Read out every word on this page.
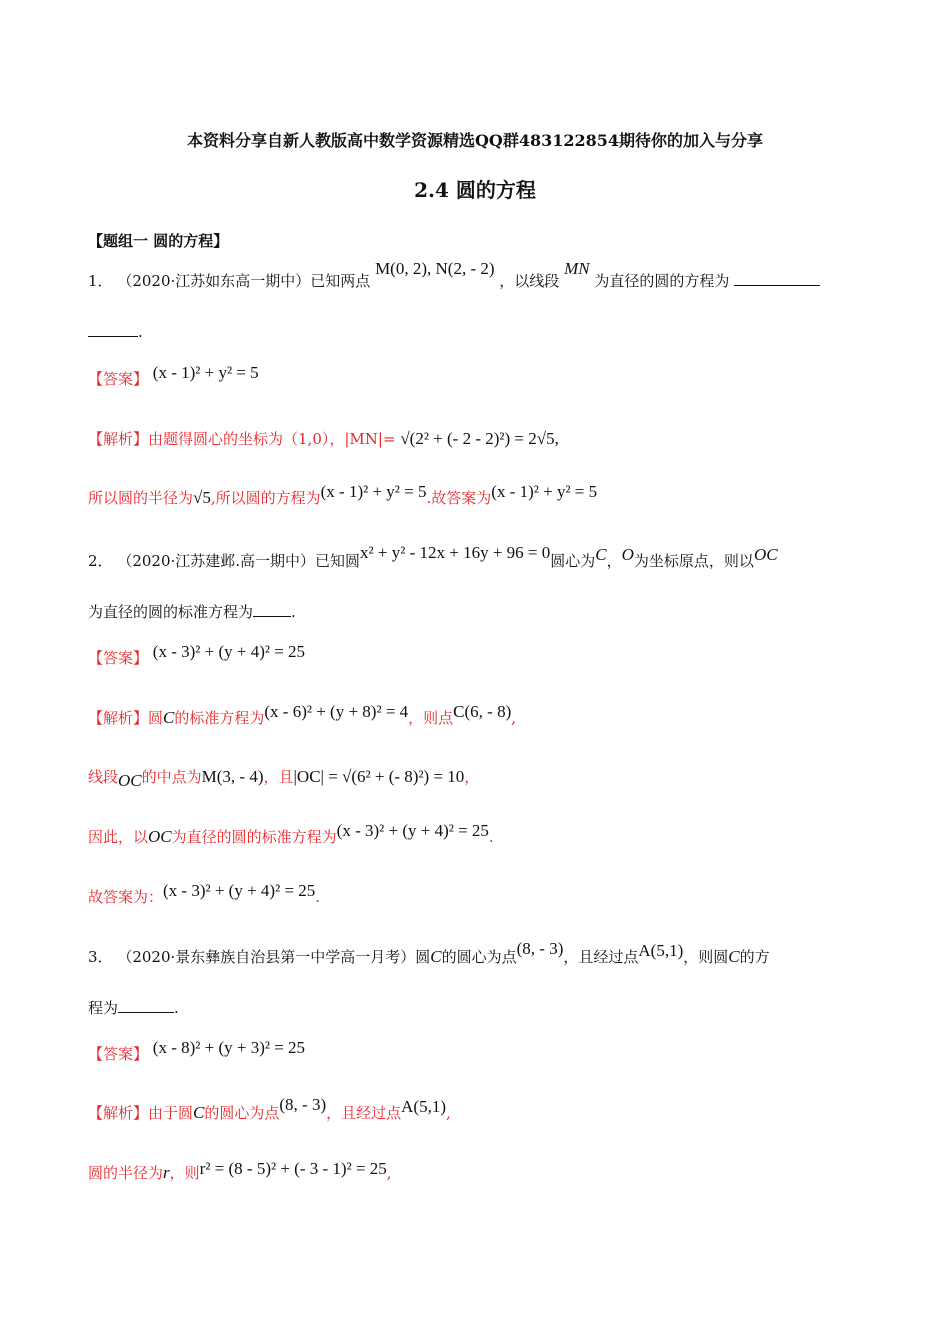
本资料分享自新人教版高中数学资源精选QQ群483122854期待你的加入与分享
2.4 圆的方程
【题组一 圆的方程】
1． （2020·江苏如东高一期中）已知两点 M(0, 2), N(2, - 2) ，以线段 MN 为直径的圆的方程为
.
【答案】 (x - 1)² + y² = 5
【解析】由题得圆心的坐标为（1,0），|MN|= √(2² + (- 2 - 2)²) = 2√5,
所以圆的半径为√5,所以圆的方程为(x - 1)² + y² = 5.故答案为(x - 1)² + y² = 5
2． （2020·江苏建邺.高一期中）已知圆x² + y² - 12x + 16y + 96 = 0圆心为C，O为坐标原点，则以OC
为直径的圆的标准方程为	.
【答案】 (x - 3)² + (y + 4)² = 25
【解析】圆C的标准方程为(x - 6)² + (y + 8)² = 4，则点C(6, - 8),
线段OC的中点为M(3, - 4)，且|OC| = √(6² + (- 8)²) = 10，
因此，以OC为直径的圆的标准方程为(x - 3)² + (y + 4)² = 25.
故答案为：(x - 3)² + (y + 4)² = 25.
3． （2020·景东彝族自治县第一中学高一月考）圆C的圆心为点(8, - 3)，且经过点A(5,1)，则圆C的方
程为	.
【答案】 (x - 8)² + (y + 3)² = 25
【解析】由于圆C的圆心为点(8, - 3)，且经过点A(5,1),
圆的半径为r，则r² = (8 - 5)² + (- 3 - 1)² = 25,
